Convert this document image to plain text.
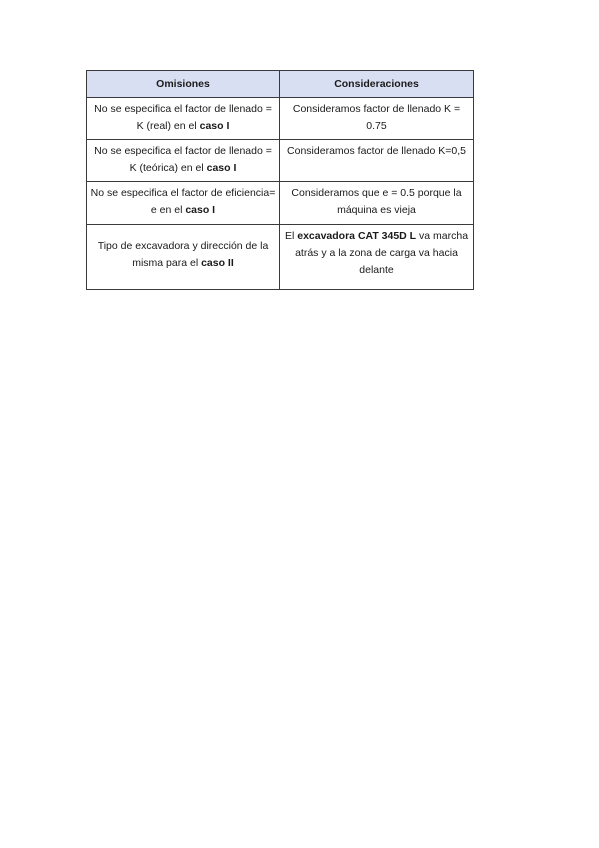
Omisiones	Consideraciones
No se especifica el factor de llenado = K (real) en el caso I	Consideramos factor de llenado K = 0.75
No se especifica el factor de llenado = K (teórica) en el caso I	Consideramos factor de llenado K=0,5
No se especifica el factor de eficiencia= e en el caso I	Consideramos que e = 0.5 porque la máquina es vieja
Tipo de excavadora y dirección de la misma para el caso II	El excavadora CAT 345D L va marcha atrás y a la zona de carga va hacia delante
